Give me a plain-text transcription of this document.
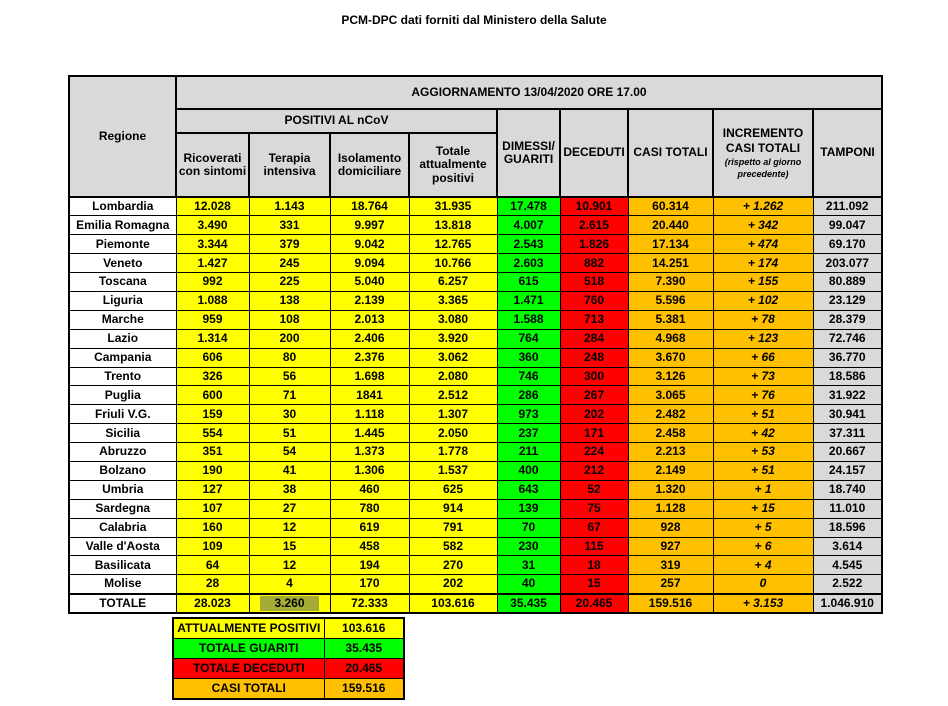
PCM-DPC dati forniti dal Ministero della Salute
Regione	AGGIORNAMENTO 13/04/2020 ORE 17.00								
	POSITIVI AL nCoV				DIMESSI/ GUARITI	DECEDUTI	CASI TOTALI	INCREMENTO CASI TOTALI
(rispetto al giorno precedente)	TAMPONI
	Ricoverati con sintomi	Terapia intensiva	Isolamento domiciliare	Totale attualmente positivi					
Lombardia	12.028	1.143	18.764	31.935	17.478	10.901	60.314	+ 1.262	211.092
Emilia Romagna	3.490	331	9.997	13.818	4.007	2.615	20.440	+ 342	99.047
Piemonte	3.344	379	9.042	12.765	2.543	1.826	17.134	+ 474	69.170
Veneto	1.427	245	9.094	10.766	2.603	882	14.251	+ 174	203.077
Toscana	992	225	5.040	6.257	615	518	7.390	+ 155	80.889
Liguria	1.088	138	2.139	3.365	1.471	760	5.596	+ 102	23.129
Marche	959	108	2.013	3.080	1.588	713	5.381	+ 78	28.379
Lazio	1.314	200	2.406	3.920	764	284	4.968	+ 123	72.746
Campania	606	80	2.376	3.062	360	248	3.670	+ 66	36.770
Trento	326	56	1.698	2.080	746	300	3.126	+ 73	18.586
Puglia	600	71	1841	2.512	286	267	3.065	+ 76	31.922
Friuli V.G.	159	30	1.118	1.307	973	202	2.482	+ 51	30.941
Sicilia	554	51	1.445	2.050	237	171	2.458	+ 42	37.311
Abruzzo	351	54	1.373	1.778	211	224	2.213	+ 53	20.667
Bolzano	190	41	1.306	1.537	400	212	2.149	+ 51	24.157
Umbria	127	38	460	625	643	52	1.320	+ 1	18.740
Sardegna	107	27	780	914	139	75	1.128	+ 15	11.010
Calabria	160	12	619	791	70	67	928	+ 5	18.596
Valle d'Aosta	109	15	458	582	230	115	927	+ 6	3.614
Basilicata	64	12	194	270	31	18	319	+ 4	4.545
Molise	28	4	170	202	40	15	257	0	2.522
TOTALE	28.023	3.260	72.333	103.616	35.435	20.465	159.516	+ 3.153	1.046.910
ATTUALMENTE POSITIVI	103.616
TOTALE GUARITI	35.435
TOTALE DECEDUTI	20.465
CASI TOTALI	159.516
